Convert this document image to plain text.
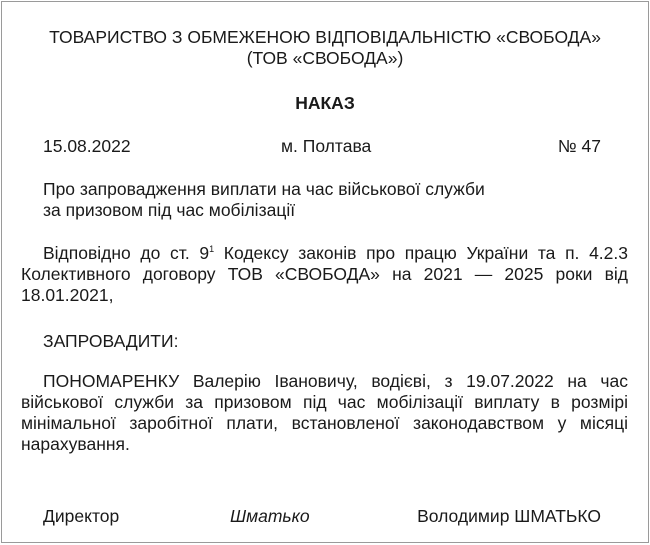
ТОВАРИСТВО З ОБМЕЖЕНОЮ ВІДПОВІДАЛЬНІСТЮ «СВОБОДА»
(ТОВ «СВОБОДА»)
НАКАЗ
15.08.2022	м. Полтава	№ 47
Про запровадження виплати на час військової служби
за призовом під час мобілізації
Відповідно до ст. $9^1$ Кодексу законів про працю України та п. 4.2.3 Колективного договору ТОВ «СВОБОДА» на 2021 — 2025 роки від 18.01.2021,
ЗАПРОВАДИТИ:
ПОНОМАРЕНКУ Валерію Івановичу, водієві, з 19.07.2022 на час військової служби за призовом під час мобілізації виплату в розмірі мінімальної заробітної плати, встановленої законодавством у місяці нарахування.
Директор	Шматько	Володимир ШМАТЬКО
